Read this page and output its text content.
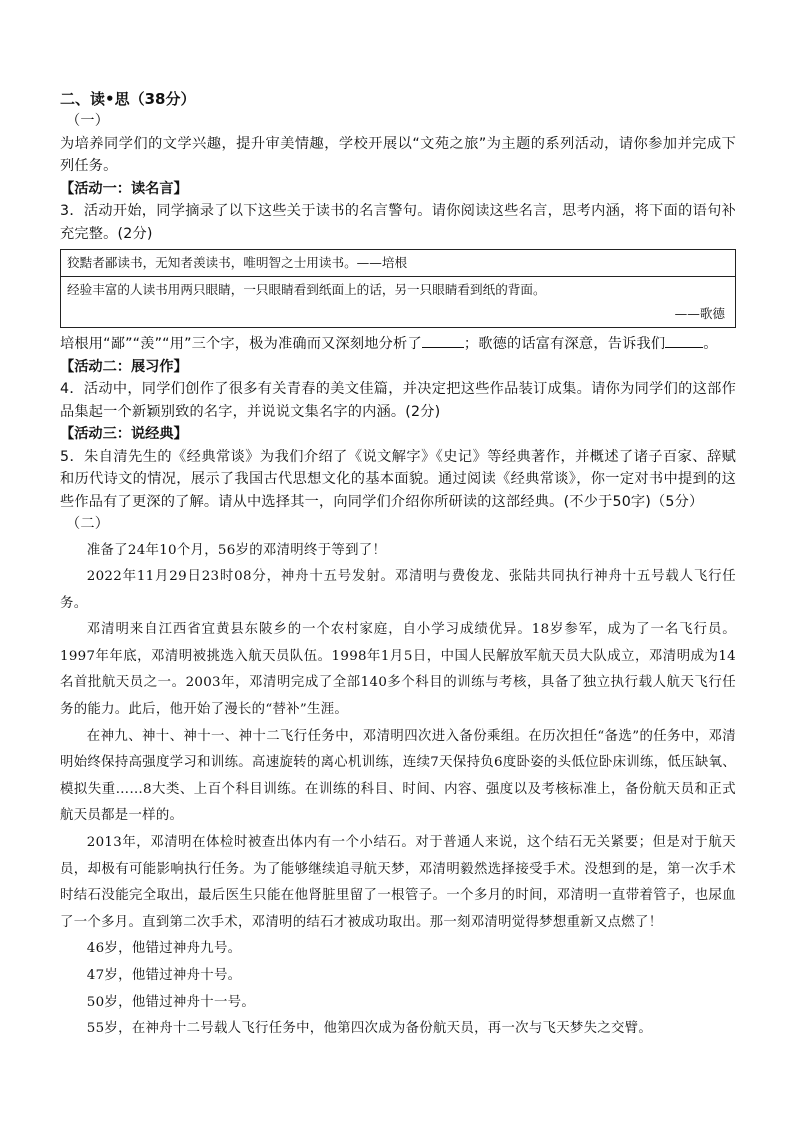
二、读•思（38分）

（一）

为培养同学们的文学兴趣，提升审美情趣，学校开展以“文苑之旅”为主题的系列活动，请你参加并完成下列任务。

【活动一：读名言】

3．活动开始，同学摘录了以下这些关于读书的名言警句。请你阅读这些名言，思考内涵，将下面的语句补充完整。(2分)

狡黠者鄙读书，无知者羡读书，唯明智之士用读书。——培根
经验丰富的人读书用两只眼睛，一只眼睛看到纸面上的话，另一只眼睛看到纸的背面。
——歌德

培根用“鄙”“羡”“用”三个字，极为准确而又深刻地分析了	；歌德的话富有深意，告诉我们	。

【活动二：展习作】

4．活动中，同学们创作了很多有关青春的美文佳篇，并决定把这些作品装订成集。请你为同学们的这部作品集起一个新颖别致的名字，并说说文集名字的内涵。(2分)

【活动三：说经典】

5．朱自清先生的《经典常谈》为我们介绍了《说文解字》《史记》等经典著作，并概述了诸子百家、辞赋和历代诗文的情况，展示了我国古代思想文化的基本面貌。通过阅读《经典常谈》，你一定对书中提到的这些作品有了更深的了解。请从中选择其一，向同学们介绍你所研读的这部经典。(不少于50字)（5分）

（二）

准备了24年10个月，56岁的邓清明终于等到了！

2022年11月29日23时08分，神舟十五号发射。邓清明与费俊龙、张陆共同执行神舟十五号载人飞行任务。

邓清明来自江西省宜黄县东陂乡的一个农村家庭，自小学习成绩优异。18岁参军，成为了一名飞行员。1997年年底，邓清明被挑选入航天员队伍。1998年1月5日，中国人民解放军航天员大队成立，邓清明成为14名首批航天员之一。2003年，邓清明完成了全部140多个科目的训练与考核，具备了独立执行载人航天飞行任务的能力。此后，他开始了漫长的“替补”生涯。

在神九、神十、神十一、神十二飞行任务中，邓清明四次进入备份乘组。在历次担任“备选”的任务中，邓清明始终保持高强度学习和训练。高速旋转的离心机训练，连续7天保持负6度卧姿的头低位卧床训练，低压缺氧、模拟失重……8大类、上百个科目训练。在训练的科目、时间、内容、强度以及考核标准上，备份航天员和正式航天员都是一样的。

2013年，邓清明在体检时被查出体内有一个小结石。对于普通人来说，这个结石无关紧要；但是对于航天员，却极有可能影响执行任务。为了能够继续追寻航天梦，邓清明毅然选择接受手术。没想到的是，第一次手术时结石没能完全取出，最后医生只能在他肾脏里留了一根管子。一个多月的时间，邓清明一直带着管子，也尿血了一个多月。直到第二次手术，邓清明的结石才被成功取出。那一刻邓清明觉得梦想重新又点燃了！

46岁，他错过神舟九号。

47岁，他错过神舟十号。

50岁，他错过神舟十一号。

55岁，在神舟十二号载人飞行任务中，他第四次成为备份航天员，再一次与飞天梦失之交臂。
